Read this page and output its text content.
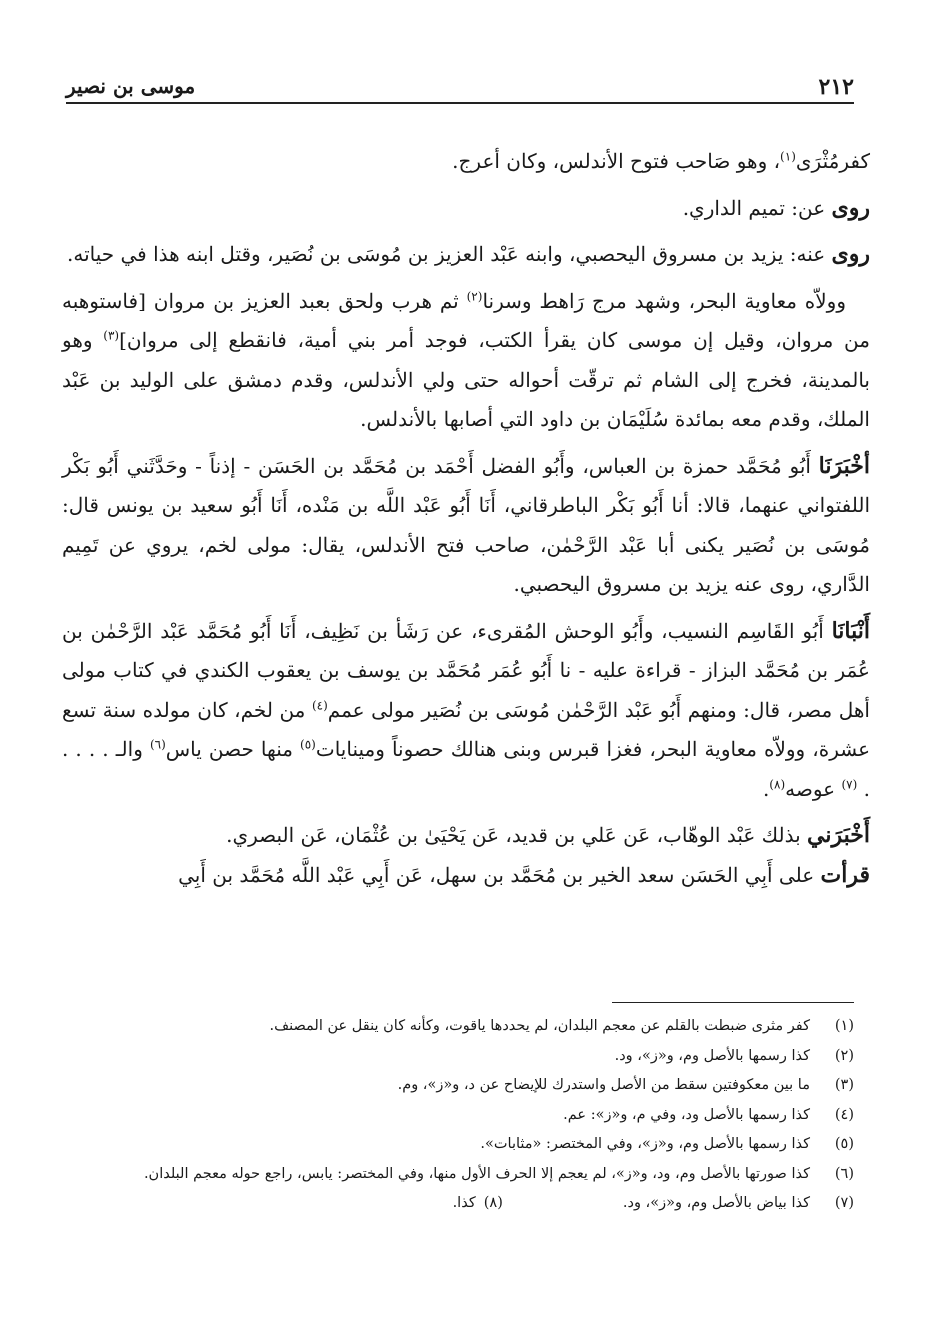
٢١٢
موسى بن نصير

كفرمُثْرَى$^{(١)}$، وهو صَاحب فتوح الأندلس، وكان أعرج.

روى عن: تميم الداري.

روى عنه: يزيد بن مسروق اليحصبي، وابنه عَبْد العزيز بن مُوسَى بن نُصَير، وقتل ابنه هذا في حياته.

وولاّه معاوية البحر، وشهد مرج رَاهط وسرنا$^{(٢)}$ ثم هرب ولحق بعبد العزيز بن مروان [فاستوهبه من مروان، وقيل إن موسى كان يقرأ الكتب، فوجد أمر بني أمية، فانقطع إلى مروان]$^{(٣)}$ وهو بالمدينة، فخرج إلى الشام ثم ترقّت أحواله حتى ولي الأندلس، وقدم دمشق على الوليد بن عَبْد الملك، وقدم معه بمائدة سُلَيْمَان بن داود التي أصابها بالأندلس.

أخْبَرَنَا أَبُو مُحَمَّد حمزة بن العباس، وأَبُو الفضل أَحْمَد بن مُحَمَّد بن الحَسَن - إذناً - وحَدَّثَني أَبُو بَكْر اللفتواني عنهما، قالا: أنا أَبُو بَكْر الباطرقاني، أَنَا أَبُو عَبْد اللَّه بن مَنْده، أَنَا أَبُو سعيد بن يونس قال: مُوسَى بن نُصَير يكنى أبا عَبْد الرَّحْمٰن، صاحب فتح الأندلس، يقال: مولى لخم، يروي عن تَمِيم الدَّاري، روى عنه يزيد بن مسروق اليحصبي.

أَنْبَانَا أَبُو القَاسِم النسيب، وأَبُو الوحش المُقرىء، عن رَشَأ بن نَظِيف، أَنَا أَبُو مُحَمَّد عَبْد الرَّحْمٰن بن عُمَر بن مُحَمَّد البزاز - قراءة عليه - نا أَبُو عُمَر مُحَمَّد بن يوسف بن يعقوب الكندي في كتاب مولى أهل مصر، قال: ومنهم أَبُو عَبْد الرَّحْمٰن مُوسَى بن نُصَير مولى عمم$^{(٤)}$ من لخم، كان مولده سنة تسع عشرة، وولاّه معاوية البحر، فغزا قبرس وبنى هنالك حصوناً ومينايات$^{(٥)}$ منها حصن ياس$^{(٦)}$ والـ . . . . . $^{(٧)}$ عوصه$^{(٨)}$.

أَخْبَرَني بذلك عَبْد الوهّاب، عَن عَلي بن قديد، عَن يَحْيَىٰ بن عُثْمَان، عَن البصري.

قرأت على أَبِي الحَسَن سعد الخير بن مُحَمَّد بن سهل، عَن أَبِي عَبْد اللَّه مُحَمَّد بن أَبِي

(١)
كفر مثرى ضبطت بالقلم عن معجم البلدان، لم يحددها ياقوت، وكأنه كان ينقل عن المصنف.
(٢)
كذا رسمها بالأصل وم، و«ز»، ود.
(٣)
ما بين معكوفتين سقط من الأصل واستدرك للإيضاح عن د، و«ز»، وم.
(٤)
كذا رسمها بالأصل ود، وفي م، و«ز»: عم.
(٥)
كذا رسمها بالأصل وم، و«ز»، وفي المختصر: «مثابات».
(٦)
كذا صورتها بالأصل وم، ود، و«ز»، لم يعجم إلا الحرف الأول منها، وفي المختصر: يابس، راجع حوله معجم البلدان.
(٧)
كذا بياض بالأصل وم، و«ز»، ود.
(٨)
كذا.
